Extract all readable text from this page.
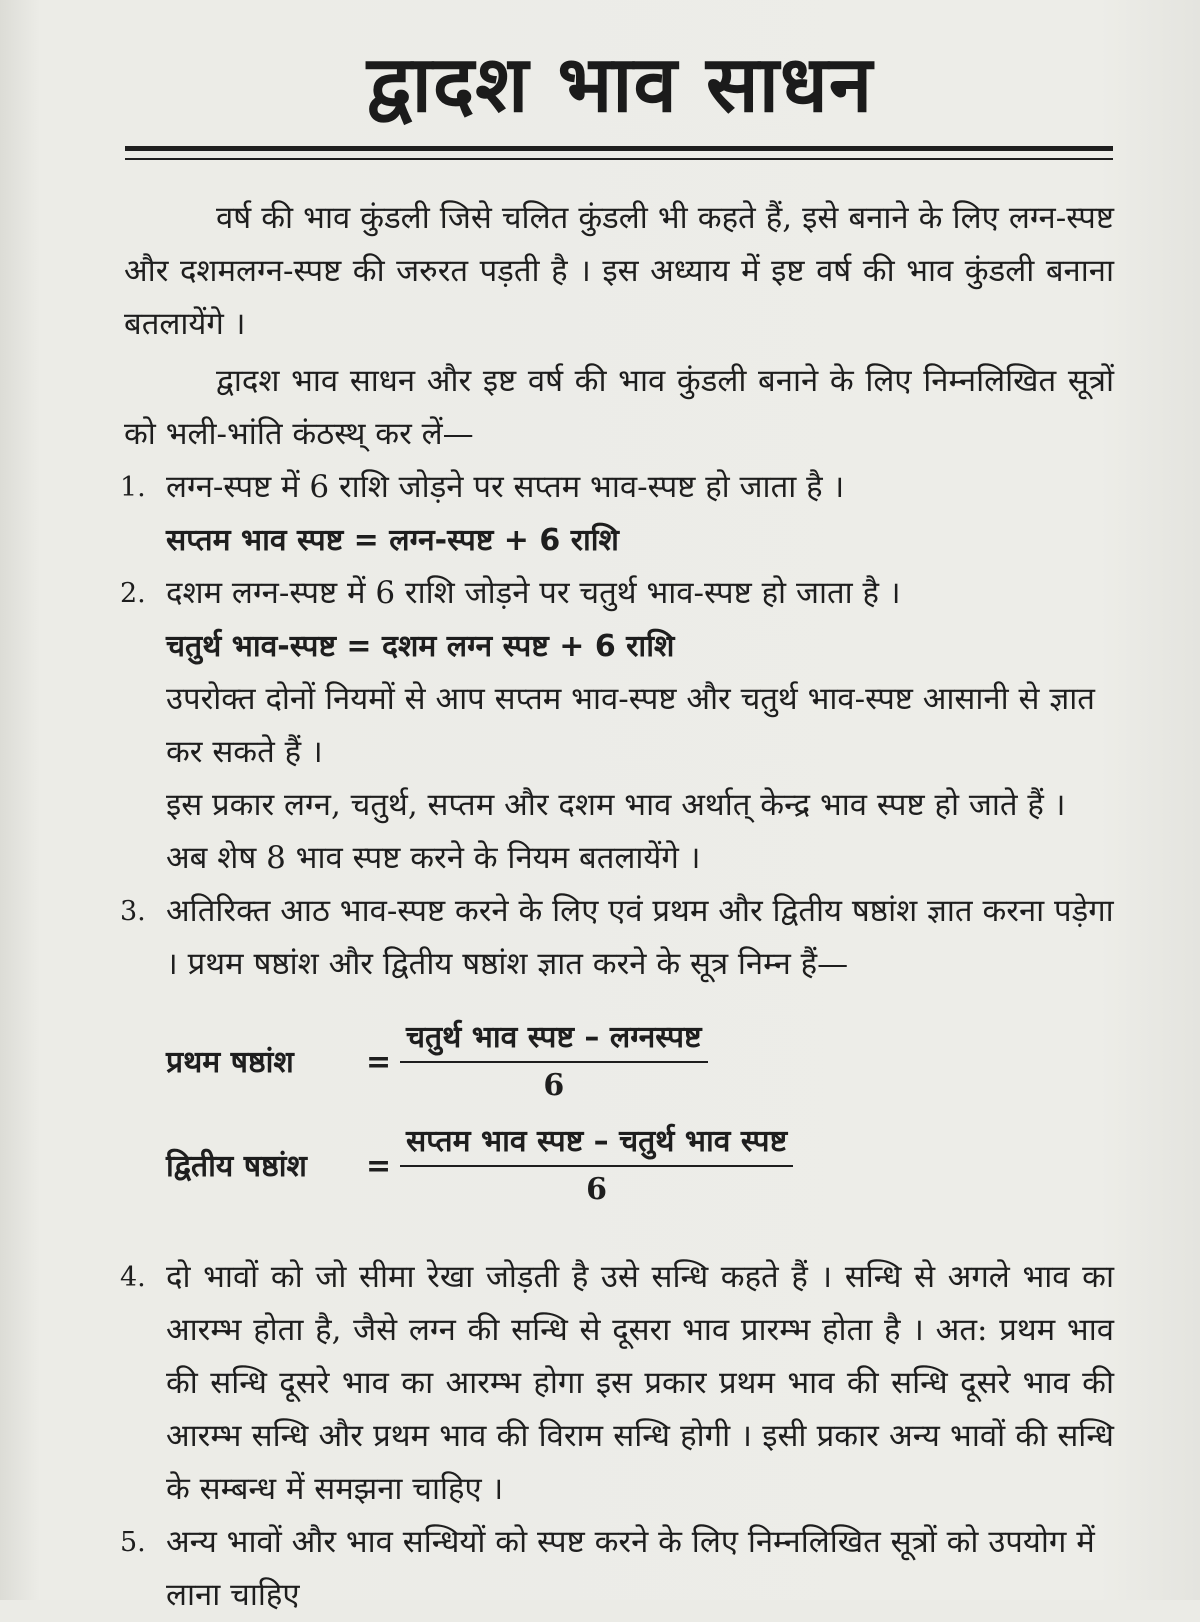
द्वादश भाव साधन

वर्ष की भाव कुंडली जिसे चलित कुंडली भी कहते हैं, इसे बनाने के लिए लग्न-स्पष्ट और दशमलग्न-स्पष्ट की जरुरत पड़ती है । इस अध्याय में इष्ट वर्ष की भाव कुंडली बनाना बतलायेंगे ।

द्वादश भाव साधन और इष्ट वर्ष की भाव कुंडली बनाने के लिए निम्नलिखित सूत्रों को भली-भांति कंठस्थ् कर लें—

1. लग्न-स्पष्ट में 6 राशि जोड़ने पर सप्तम भाव-स्पष्ट हो जाता है ।
सप्तम भाव स्पष्ट = लग्न-स्पष्ट + 6 राशि
2. दशम लग्न-स्पष्ट में 6 राशि जोड़ने पर चतुर्थ भाव-स्पष्ट हो जाता है ।
चतुर्थ भाव-स्पष्ट = दशम लग्न स्पष्ट + 6 राशि
उपरोक्त दोनों नियमों से आप सप्तम भाव-स्पष्ट और चतुर्थ भाव-स्पष्ट आसानी से ज्ञात कर सकते हैं ।
इस प्रकार लग्न, चतुर्थ, सप्तम और दशम भाव अर्थात् केन्द्र भाव स्पष्ट हो जाते हैं । अब शेष 8 भाव स्पष्ट करने के नियम बतलायेंगे ।
3. अतिरिक्त आठ भाव-स्पष्ट करने के लिए एवं प्रथम और द्वितीय षष्ठांश ज्ञात करना पड़ेगा । प्रथम षष्ठांश और द्वितीय षष्ठांश ज्ञात करने के सूत्र निम्न हैं—
प्रथम षष्ठांश =
चतुर्थ भाव स्पष्ट – लग्नस्पष्ट
6
द्वितीय षष्ठांश =
सप्तम भाव स्पष्ट – चतुर्थ भाव स्पष्ट
6
4. दो भावों को जो सीमा रेखा जोड़ती है उसे सन्धि कहते हैं । सन्धि से अगले भाव का आरम्भ होता है, जैसे लग्न की सन्धि से दूसरा भाव प्रारम्भ होता है । अत: प्रथम भाव की सन्धि दूसरे भाव का आरम्भ होगा इस प्रकार प्रथम भाव की सन्धि दूसरे भाव की आरम्भ सन्धि और प्रथम भाव की विराम सन्धि होगी । इसी प्रकार अन्य भावों की सन्धि के सम्बन्ध में समझना चाहिए ।
5. अन्य भावों और भाव सन्धियों को स्पष्ट करने के लिए निम्नलिखित सूत्रों को उपयोग में लाना चाहिए
